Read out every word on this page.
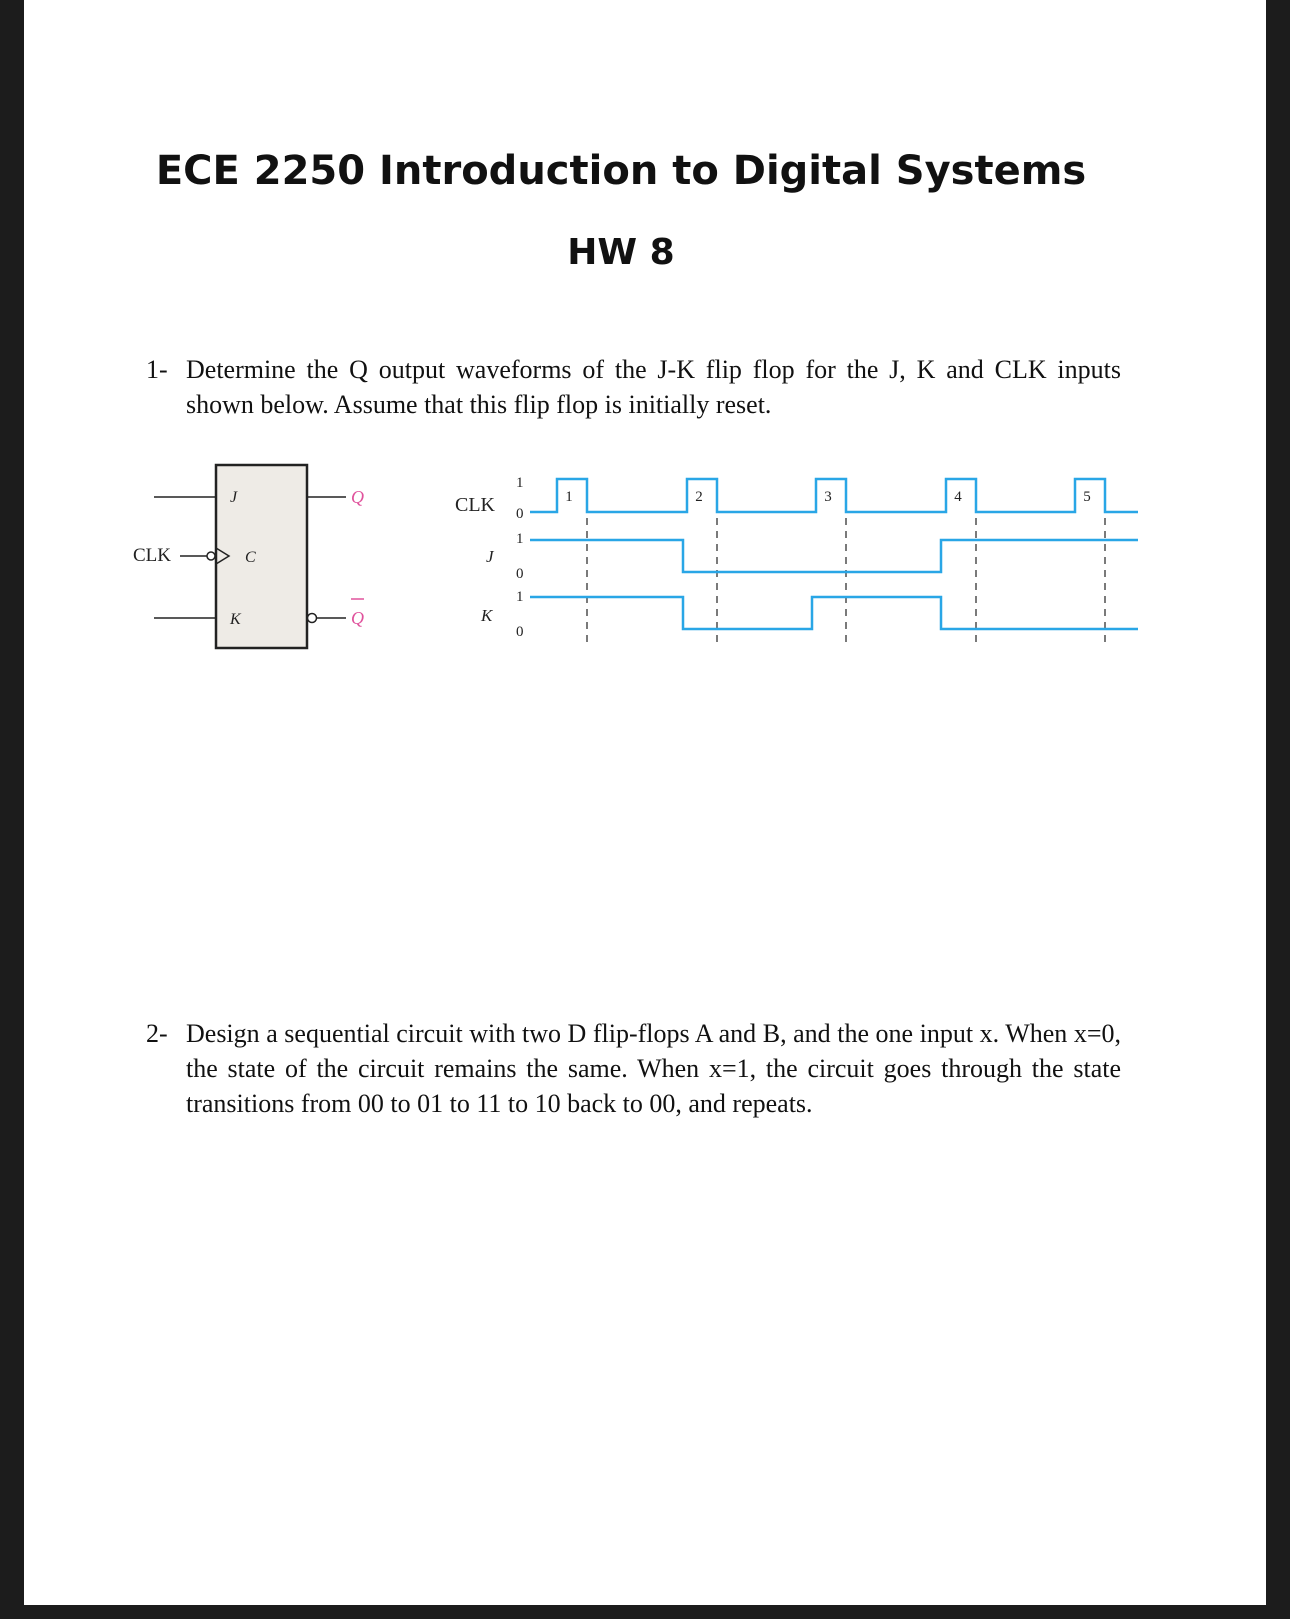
ECE 2250 Introduction to Digital Systems
HW 8
1- Determine the Q output waveforms of the J-K flip flop for the J, K and CLK inputs shown below. Assume that this flip flop is initially reset.
CLK
J
C
K
Q
Q
CLK
J
K
1
0
1
0
1
0
1	2	3	4	5
2- Design a sequential circuit with two D flip-flops A and B, and the one input x. When x=0, the state of the circuit remains the same. When x=1, the circuit goes through the state transitions from 00 to 01 to 11 to 10 back to 00, and repeats.
